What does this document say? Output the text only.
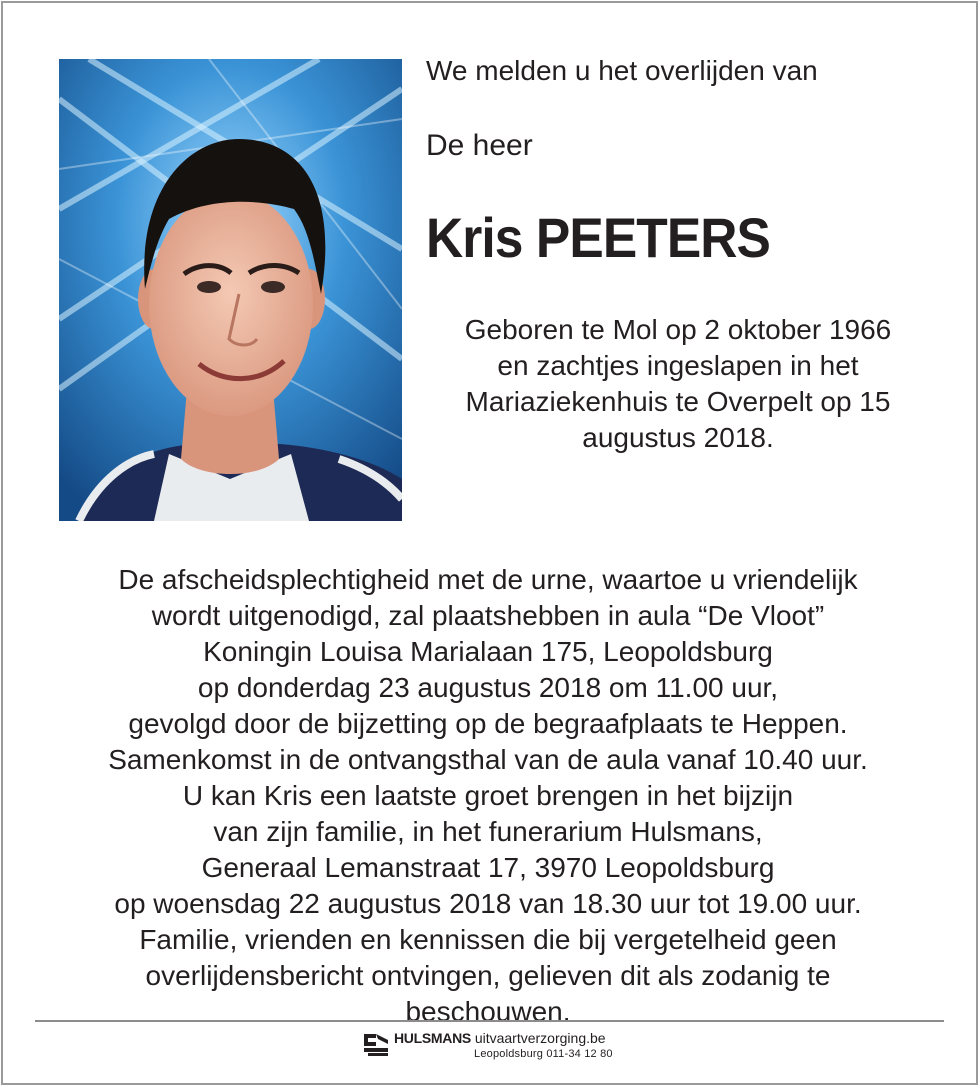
We melden u het overlijden van
De heer
Kris PEETERS
Geboren te Mol op 2 oktober 1966
en zachtjes ingeslapen in het
Mariaziekenhuis te Overpelt op 15
augustus 2018.
De afscheidsplechtigheid met de urne, waartoe u vriendelijk
wordt uitgenodigd, zal plaatshebben in aula “De Vloot”
Koningin Louisa Marialaan 175, Leopoldsburg
op donderdag 23 augustus 2018 om 11.00 uur,
gevolgd door de bijzetting op de begraafplaats te Heppen.
Samenkomst in de ontvangsthal van de aula vanaf 10.40 uur.
U kan Kris een laatste groet brengen in het bijzijn
van zijn familie, in het funerarium Hulsmans,
Generaal Lemanstraat 17, 3970 Leopoldsburg
op woensdag 22 augustus 2018 van 18.30 uur tot 19.00 uur.
Familie, vrienden en kennissen die bij vergetelheid geen
overlijdensbericht ontvingen, gelieven dit als zodanig te
beschouwen.
HULSMANS uitvaartverzorging.be
Leopoldsburg 011-34 12 80
